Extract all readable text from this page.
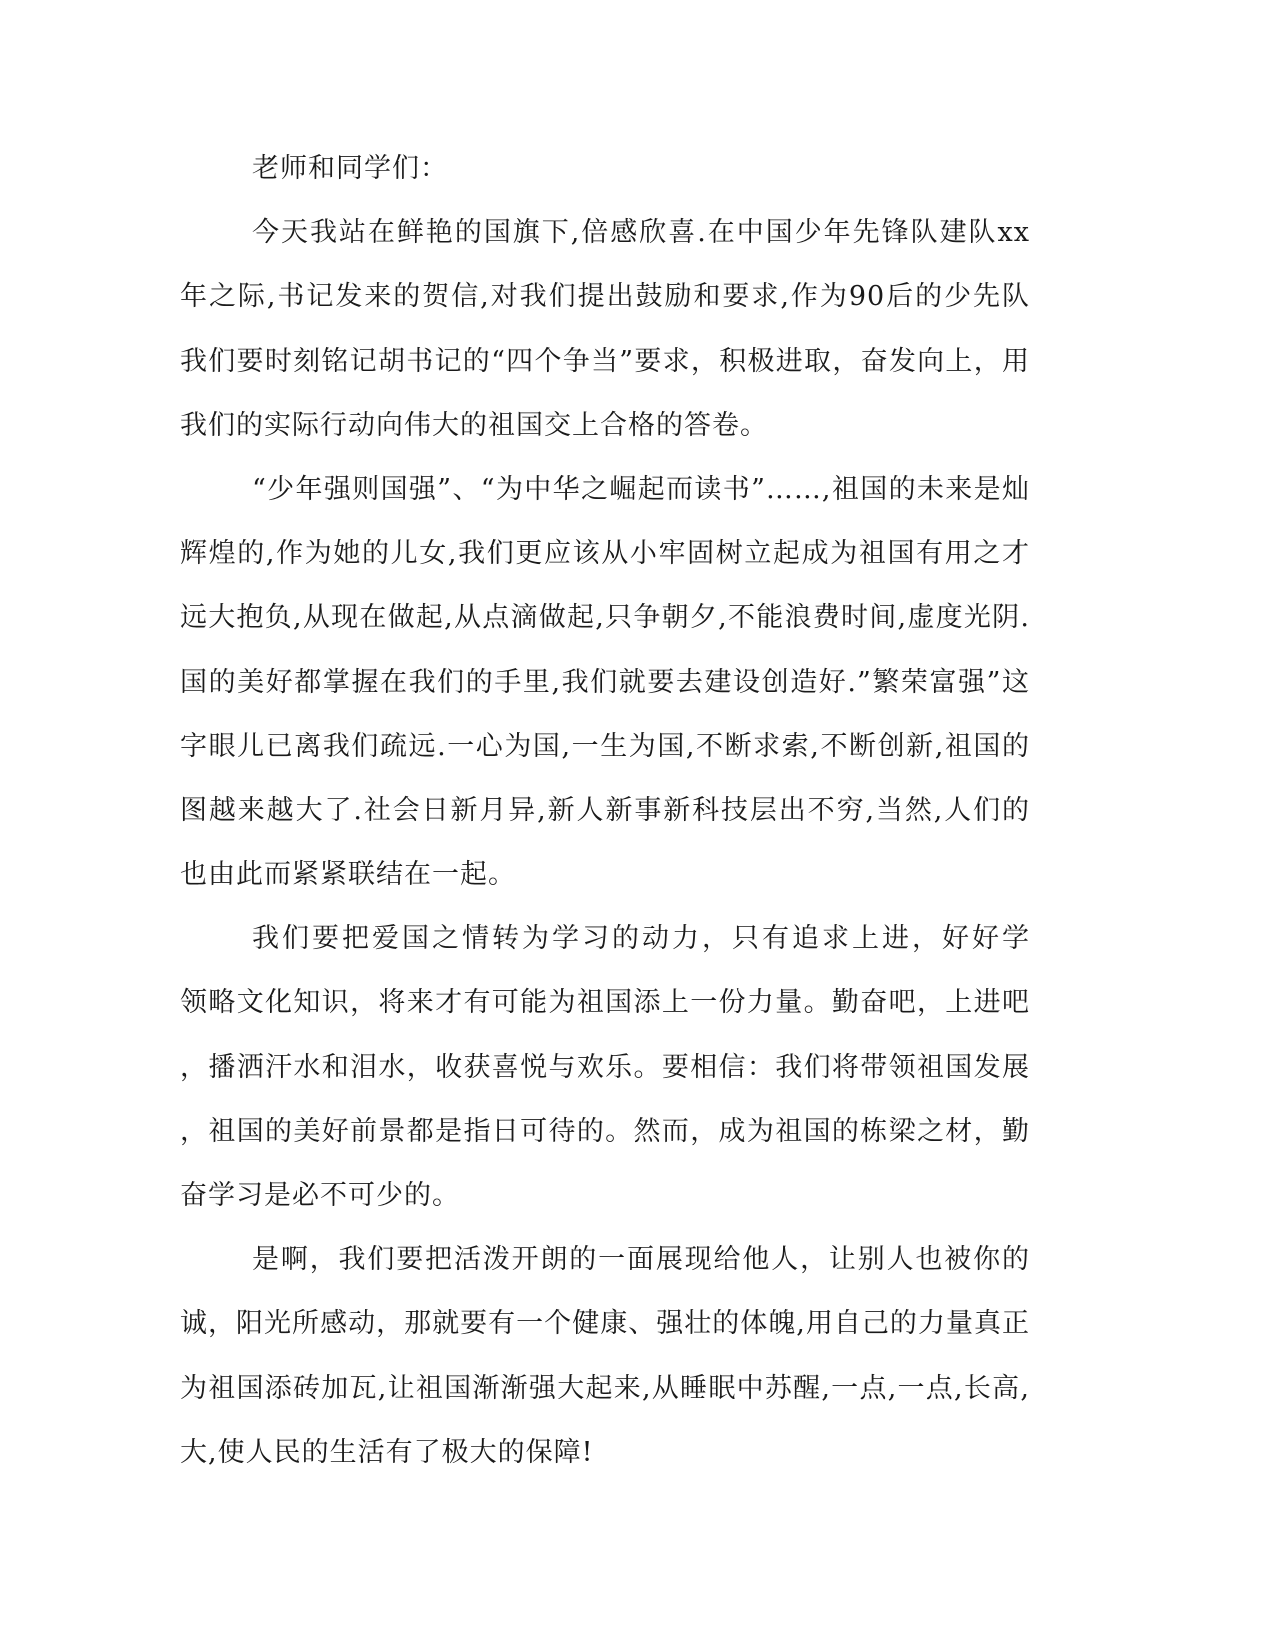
老师和同学们：
今天我站在鲜艳的国旗下,倍感欣喜.在中国少年先锋队建队xx
年之际,书记发来的贺信,对我们提出鼓励和要求,作为90后的少先队
我们要时刻铭记胡书记的“四个争当”要求，积极进取，奋发向上，用
我们的实际行动向伟大的祖国交上合格的答卷。
“少年强则国强”、“为中华之崛起而读书”……,祖国的未来是灿
辉煌的,作为她的儿女,我们更应该从小牢固树立起成为祖国有用之才
远大抱负,从现在做起,从点滴做起,只争朝夕,不能浪费时间,虚度光阴.
国的美好都掌握在我们的手里,我们就要去建设创造好.”繁荣富强”这
字眼儿已离我们疏远.一心为国,一生为国,不断求索,不断创新,祖国的
图越来越大了.社会日新月异,新人新事新科技层出不穷,当然,人们的
也由此而紧紧联结在一起。
我们要把爱国之情转为学习的动力，只有追求上进，好好学
领略文化知识，将来才有可能为祖国添上一份力量。勤奋吧，上进吧
，播洒汗水和泪水，收获喜悦与欢乐。要相信：我们将带领祖国发展
，祖国的美好前景都是指日可待的。然而，成为祖国的栋梁之材，勤
奋学习是必不可少的。
是啊，我们要把活泼开朗的一面展现给他人，让别人也被你的
诚，阳光所感动，那就要有一个健康、强壮的体魄,用自己的力量真正
为祖国添砖加瓦,让祖国渐渐强大起来,从睡眠中苏醒,一点,一点,长高,
大,使人民的生活有了极大的保障!
